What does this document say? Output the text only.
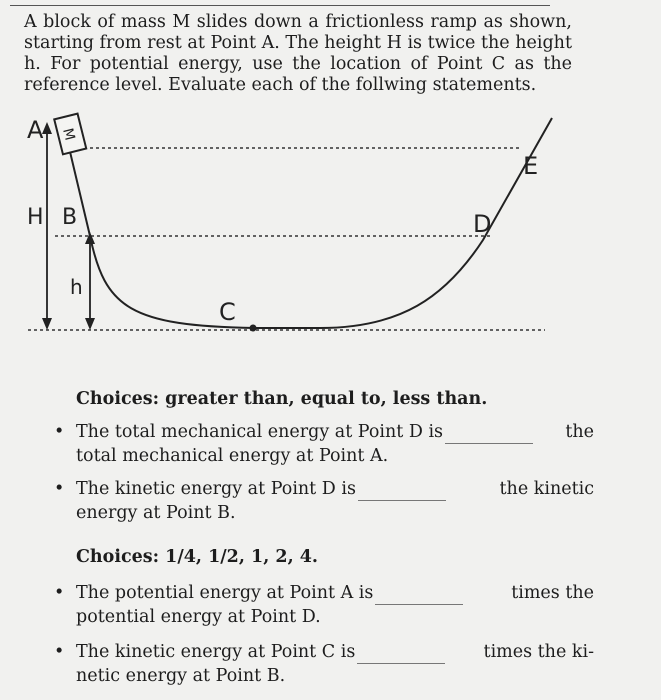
A block of mass M slides down a frictionless ramp as shown, starting from rest at Point A. The height H is twice the height h. For potential energy, use the location of Point C as the reference level. Evaluate each of the follwing statements.

M
A
H B
h
C
D
E
Choices: greater than, equal to, less than.
• The total mechanical energy at Point D is	the
total mechanical energy at Point A.
• The kinetic energy at Point D is	the kinetic
energy at Point B.
Choices: 1/4, 1/2, 1, 2, 4.
• The potential energy at Point A is	times the
potential energy at Point D.
• The kinetic energy at Point C is	times the ki-
netic energy at Point B.
